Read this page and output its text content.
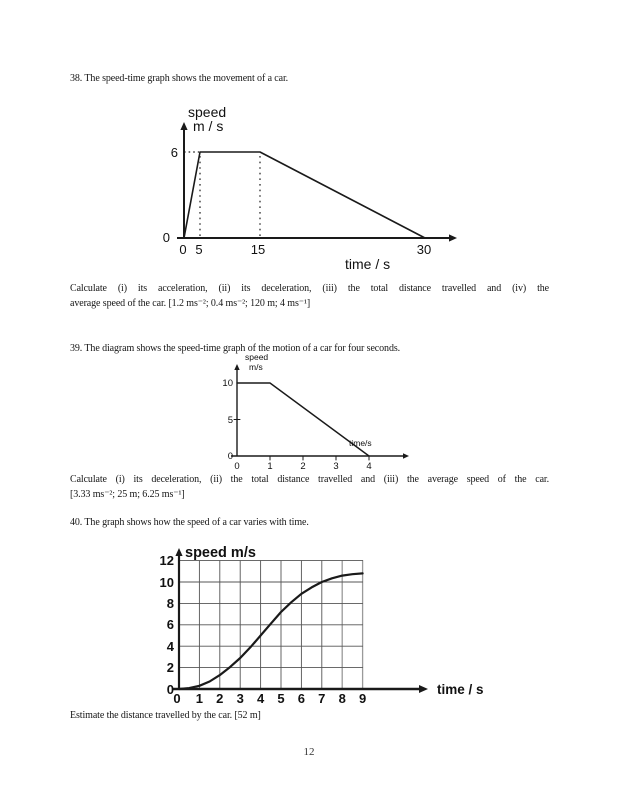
38. The speed-time graph shows the movement of a car.
speed
m / s
6
0
0 5	15	30
time / s
Calculate (i) its acceleration, (ii) its deceleration, (iii) the total distance travelled and (iv) the
average speed of the car. [1.2 ms⁻²; 0.4 ms⁻²; 120 m; 4 ms⁻¹]
39. The diagram shows the speed-time graph of the motion of a car for four seconds.
speed
m/s
10
5
0
0	1	2	3	4
time/s
Calculate (i) its deceleration, (ii) the total distance travelled and (iii) the average speed of the car.
[3.33 ms⁻²; 25 m; 6.25 ms⁻¹]
40. The graph shows how the speed of a car varies with time.
speed m/s
12
10
8
6
4
2
0
0 1 2 3 4 5 6 7 8 9
time / s
Estimate the distance travelled by the car. [52 m]
12
